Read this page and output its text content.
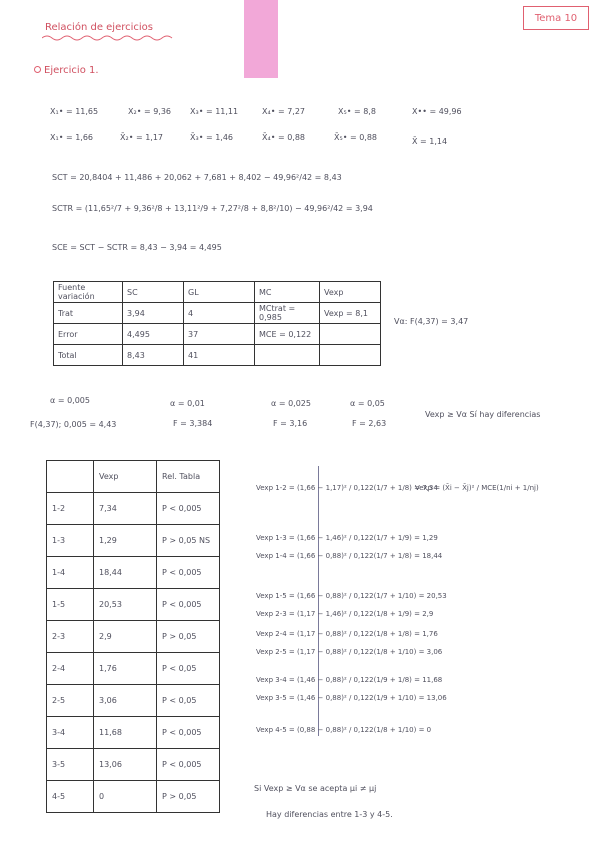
Relación de ejercicios
Tema 10
Ejercicio 1.
X₁• = 11,65	X₂• = 9,36 X₃• = 11,11	X₄• = 7,27	X₅• = 8,8	X•• = 49,96
X₁• = 1,66	X̄₂• = 1,17	X̄₃• = 1,46	X̄₄• = 0,88	X̄₅• = 0,88	X̄ = 1,14
SCT = 20,8404 + 11,486 + 20,062 + 7,681 + 8,402 − 49,96²/42 = 8,43
SCTR = (11,65²/7 + 9,36²/8 + 13,11²/9 + 7,27²/8 + 8,8²/10) − 49,96²/42 = 3,94
SCE = SCT − SCTR = 8,43 − 3,94 = 4,495
Fuente variación	SC	GL	MC	Vexp
Trat	3,94	4	MCtrat = 0,985	Vexp = 8,1
Error	4,495	37	MCE = 0,122	
Total	8,43	41		
Vα: F(4,37) = 3,47
α = 0,005	α = 0,01	α = 0,025	α = 0,05
F(4,37); 0,005 = 4,43	F = 3,384	F = 3,16	F = 2,63
Vexp ≥ Vα Sí hay diferencias
	Vexp	Rel. Tabla
1-2	7,34	P < 0,005
1-3	1,29	P > 0,05 NS
1-4	18,44	P < 0,005
1-5	20,53	P < 0,005
2-3	2,9	P > 0,05
2-4	1,76	P < 0,05
2-5	3,06	P < 0,05
3-4	11,68	P < 0,005
3-5	13,06	P < 0,005
4-5	0	P > 0,05
Vexp 1-2 = (1,66 − 1,17)² / 0,122(1/7 + 1/8) = 7,34
Vexp = (X̄i − X̄j)² / MCE(1/ni + 1/nj)
Vexp 1-3 = (1,66 − 1,46)² / 0,122(1/7 + 1/9) = 1,29
Vexp 1-4 = (1,66 − 0,88)² / 0,122(1/7 + 1/8) = 18,44
Vexp 1-5 = (1,66 − 0,88)² / 0,122(1/7 + 1/10) = 20,53
Vexp 2-3 = (1,17 − 1,46)² / 0,122(1/8 + 1/9) = 2,9
Vexp 2-4 = (1,17 − 0,88)² / 0,122(1/8 + 1/8) = 1,76
Vexp 2-5 = (1,17 − 0,88)² / 0,122(1/8 + 1/10) = 3,06
Vexp 3-4 = (1,46 − 0,88)² / 0,122(1/9 + 1/8) = 11,68
Vexp 3-5 = (1,46 − 0,88)² / 0,122(1/9 + 1/10) = 13,06
Vexp 4-5 = (0,88 − 0,88)² / 0,122(1/8 + 1/10) = 0
Si Vexp ≥ Vα se acepta µi ≠ µj
Hay diferencias entre 1-3 y 4-5.
